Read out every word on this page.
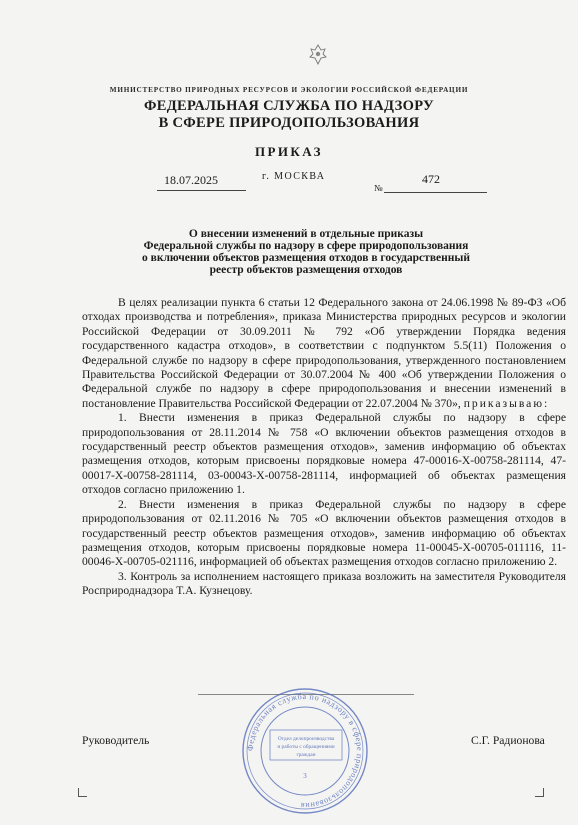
МИНИСТЕРСТВО ПРИРОДНЫХ РЕСУРСОВ И ЭКОЛОГИИ РОССИЙСКОЙ ФЕДЕРАЦИИ
ФЕДЕРАЛЬНАЯ СЛУЖБА ПО НАДЗОРУ
В СФЕРЕ ПРИРОДОПОЛЬЗОВАНИЯ
ПРИКАЗ
18.07.2025	г. МОСКВА
№
472
О внесении изменений в отдельные приказы
Федеральной службы по надзору в сфере природопользования
о включении объектов размещения отходов в государственный
реестр объектов размещения отходов

В целях реализации пункта 6 статьи 12 Федерального закона от 24.06.1998 № 89-ФЗ «Об отходах производства и потребления», приказа Министерства природных ресурсов и экологии Российской Федерации от 30.09.2011 № 792 «Об утверждении Порядка ведения государственного кадастра отходов», в соответствии с подпунктом 5.5(11) Положения о Федеральной службе по надзору в сфере природопользования, утвержденного постановлением Правительства Российской Федерации от 30.07.2004 № 400 «Об утверждении Положения о Федеральной службе по надзору в сфере природопользования и внесении изменений в постановление Правительства Российской Федерации от 22.07.2004 № 370», приказываю:

1. Внести изменения в приказ Федеральной службы по надзору в сфере природопользования от 28.11.2014 № 758 «О включении объектов размещения отходов в государственный реестр объектов размещения отходов», заменив информацию об объектах размещения отходов, которым присвоены порядковые номера 47-00016-Х-00758-281114, 47-00017-Х-00758-281114, 03-00043-Х-00758-281114, информацией об объектах размещения отходов согласно приложению 1.

2. Внести изменения в приказ Федеральной службы по надзору в сфере природопользования от 02.11.2016 № 705 «О включении объектов размещения отходов в государственный реестр объектов размещения отходов», заменив информацию об объектах размещения отходов, которым присвоены порядковые номера 11-00045-Х-00705-011116, 11-00046-Х-00705-021116, информацией об объектах размещения отходов согласно приложению 2.

3. Контроль за исполнением настоящего приказа возложить на заместителя Руководителя Росприроднадзора Т.А. Кузнецову.

Руководитель	С.Г. Радионова
Федеральная служба по надзору в сфере природопользования
Отдел делопроизводства
и работы с обращениями
граждан
3
